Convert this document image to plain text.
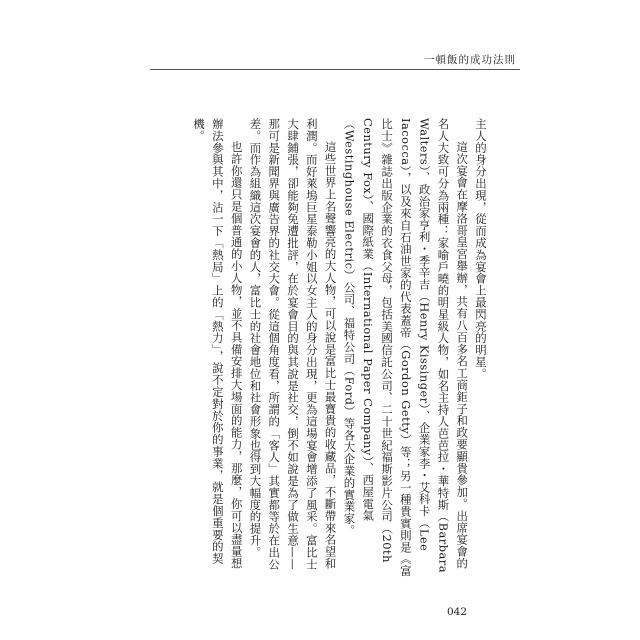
一頓飯的成功法則

主人的身分出現，從而成為宴會上最閃亮的明星。

這次宴會在摩洛哥皇宮舉辦，共有八百多名工商鉅子和政要顯貴參加。出席宴會的名人大致可分為兩種：家喻戶曉的明星級人物，如名主持人芭芭拉・華特斯（Barbara Walters）、政治家亨利・季辛吉（Henry Kissinger）、企業家李・艾科卡（Lee Iacocca），以及來自石油世家的代表蓋帝（Gordon Getty）等；另一種貴賓則是《富比士》雜誌出版企業的衣食父母，包括美國信託公司、二十世紀福斯影片公司（20th Century Fox）、國際紙業（International Paper Company）、西屋電氣（Westinghouse Electric）公司、福特公司（Ford）等各大企業的實業家。

這些世界上名聲響亮的大人物，可以說是富比士最寶貴的收藏品，不斷帶來名望和利潤。而好萊塢巨星泰勒小姐以女主人的身分出現，更為這場宴會增添了風采。富比士大肆鋪張，卻能夠免遭批評，在於宴會目的與其說是社交，倒不如說是為了做生意——那可是新聞界與廣告界的社交大會。從這個角度看，所謂的「客人」其實都等於在出公差。而作為組織這次宴會的人，富比士的社會地位和社會形象也得到大幅度的提升。

也許你還只是個普通的小人物，並不具備安排大場面的能力，那麼，你可以盡量想辦法參與其中，沾一下「熱局」上的「熱力」，說不定對於你的事業，就是個重要的契機。

042
